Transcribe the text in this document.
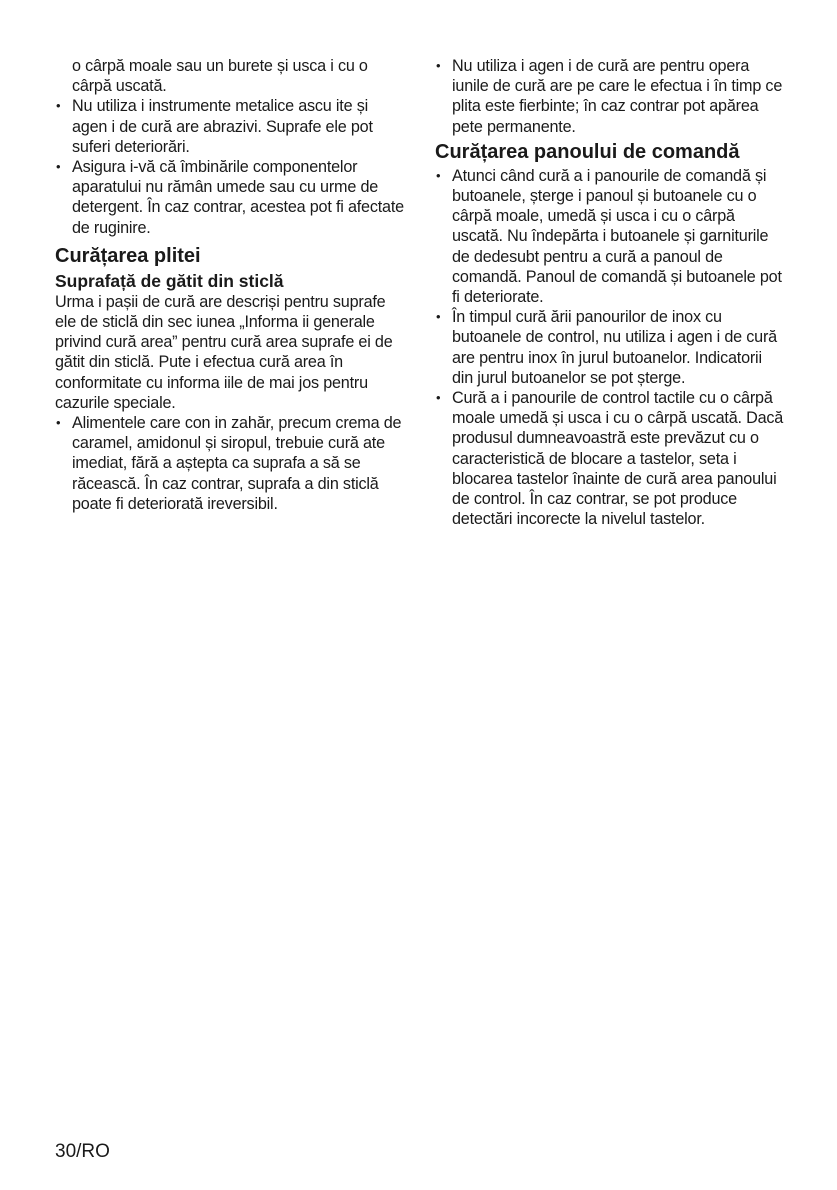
o cârpă moale sau un burete și usca i cu o cârpă uscată.

• Nu utiliza i instrumente metalice ascu ite și agen i de cură are abrazivi. Suprafe ele pot suferi deteriorări.
• Asigura i-vă că îmbinările componentelor aparatului nu rămân umede sau cu urme de detergent. În caz contrar, acestea pot fi afectate de ruginire.
Curățarea plitei
Suprafață de gătit din sticlă

Urma i pașii de cură are descriși pentru suprafe ele de sticlă din sec iunea „Informa ii generale privind cură area” pentru cură area suprafe ei de gătit din sticlă. Pute i efectua cură area în conformitate cu informa iile de mai jos pentru cazurile speciale.

• Alimentele care con in zahăr, precum crema de caramel, amidonul și siropul, trebuie cură ate imediat, fără a aștepta ca suprafa a să se răcească. În caz contrar, suprafa a din sticlă poate fi deteriorată ireversibil.
• Nu utiliza i agen i de cură are pentru opera iunile de cură are pe care le efectua i în timp ce plita este fierbinte; în caz contrar pot apărea pete permanente.
Curățarea panoului de comandă
• Atunci când cură a i panourile de comandă și butoanele, șterge i panoul și butoanele cu o cârpă moale, umedă și usca i cu o cârpă uscată. Nu îndepărta i butoanele și garniturile de dedesubt pentru a cură a panoul de comandă. Panoul de comandă și butoanele pot fi deteriorate.
• În timpul cură ării panourilor de inox cu butoanele de control, nu utiliza i agen i de cură are pentru inox în jurul butoanelor. Indicatorii din jurul butoanelor se pot șterge.
• Cură a i panourile de control tactile cu o cârpă moale umedă și usca i cu o cârpă uscată. Dacă produsul dumneavoastră este prevăzut cu o caracteristică de blocare a tastelor, seta i blocarea tastelor înainte de cură area panoului de control. În caz contrar, se pot produce detectări incorecte la nivelul tastelor.
30/RO
